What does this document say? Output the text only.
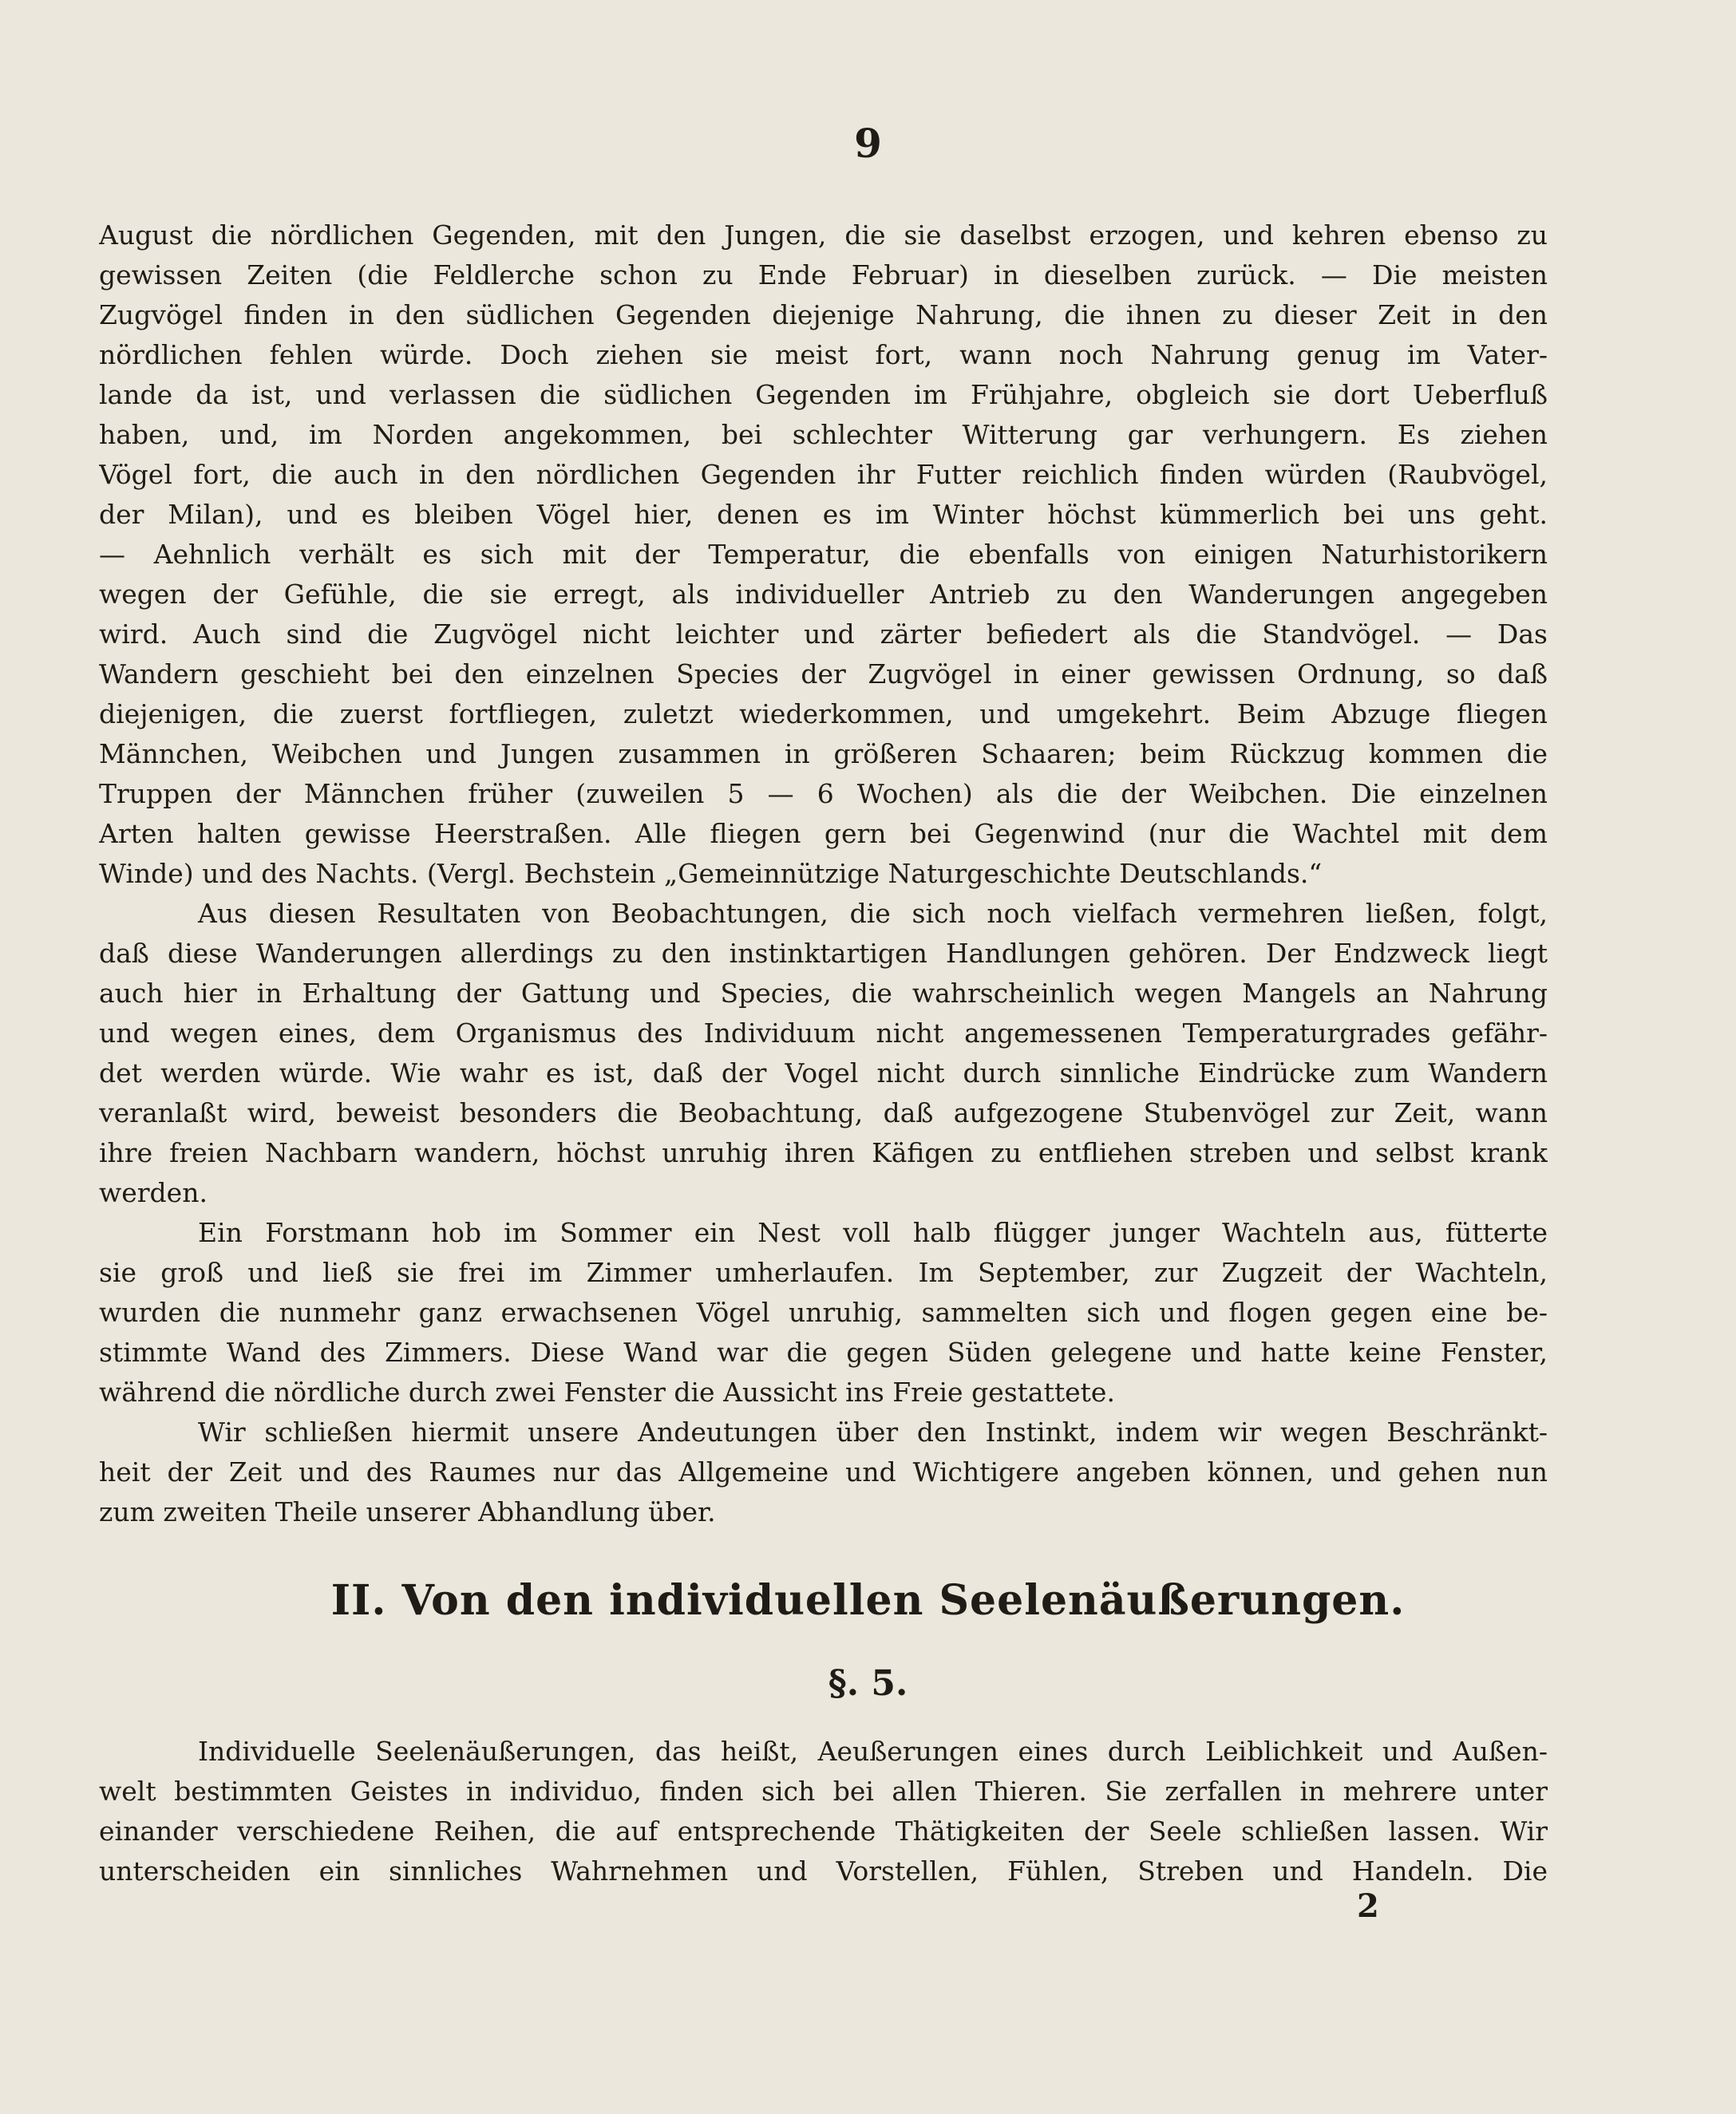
9
August die nördlichen Gegenden, mit den Jungen, die sie daselbst erzogen, und kehren ebenso zu
gewissen Zeiten (die Feldlerche schon zu Ende Februar) in dieselben zurück. — Die meisten
Zugvögel finden in den südlichen Gegenden diejenige Nahrung, die ihnen zu dieser Zeit in den
nördlichen fehlen würde. Doch ziehen sie meist fort, wann noch Nahrung genug im Vater-
lande da ist, und verlassen die südlichen Gegenden im Frühjahre, obgleich sie dort Ueberfluß
haben, und, im Norden angekommen, bei schlechter Witterung gar verhungern. Es ziehen
Vögel fort, die auch in den nördlichen Gegenden ihr Futter reichlich finden würden (Raubvögel,
der Milan), und es bleiben Vögel hier, denen es im Winter höchst kümmerlich bei uns geht.
— Aehnlich verhält es sich mit der Temperatur, die ebenfalls von einigen Naturhistorikern
wegen der Gefühle, die sie erregt, als individueller Antrieb zu den Wanderungen angegeben
wird. Auch sind die Zugvögel nicht leichter und zärter befiedert als die Standvögel. — Das
Wandern geschieht bei den einzelnen Species der Zugvögel in einer gewissen Ordnung, so daß
diejenigen, die zuerst fortfliegen, zuletzt wiederkommen, und umgekehrt. Beim Abzuge fliegen
Männchen, Weibchen und Jungen zusammen in größeren Schaaren; beim Rückzug kommen die
Truppen der Männchen früher (zuweilen 5 — 6 Wochen) als die der Weibchen. Die einzelnen
Arten halten gewisse Heerstraßen. Alle fliegen gern bei Gegenwind (nur die Wachtel mit dem
Winde) und des Nachts. (Vergl. Bechstein „Gemeinnützige Naturgeschichte Deutschlands.“
Aus diesen Resultaten von Beobachtungen, die sich noch vielfach vermehren ließen, folgt,
daß diese Wanderungen allerdings zu den instinktartigen Handlungen gehören. Der Endzweck liegt
auch hier in Erhaltung der Gattung und Species, die wahrscheinlich wegen Mangels an Nahrung
und wegen eines, dem Organismus des Individuum nicht angemessenen Temperaturgrades gefähr-
det werden würde. Wie wahr es ist, daß der Vogel nicht durch sinnliche Eindrücke zum Wandern
veranlaßt wird, beweist besonders die Beobachtung, daß aufgezogene Stubenvögel zur Zeit, wann
ihre freien Nachbarn wandern, höchst unruhig ihren Käfigen zu entfliehen streben und selbst krank
werden.
Ein Forstmann hob im Sommer ein Nest voll halb flügger junger Wachteln aus, fütterte
sie groß und ließ sie frei im Zimmer umherlaufen. Im September, zur Zugzeit der Wachteln,
wurden die nunmehr ganz erwachsenen Vögel unruhig, sammelten sich und flogen gegen eine be-
stimmte Wand des Zimmers. Diese Wand war die gegen Süden gelegene und hatte keine Fenster,
während die nördliche durch zwei Fenster die Aussicht ins Freie gestattete.
Wir schließen hiermit unsere Andeutungen über den Instinkt, indem wir wegen Beschränkt-
heit der Zeit und des Raumes nur das Allgemeine und Wichtigere angeben können, und gehen nun
zum zweiten Theile unserer Abhandlung über.
II. Von den individuellen Seelenäußerungen.
§. 5.
Individuelle Seelenäußerungen, das heißt, Aeußerungen eines durch Leiblichkeit und Außen-
welt bestimmten Geistes in individuo, finden sich bei allen Thieren. Sie zerfallen in mehrere unter
einander verschiedene Reihen, die auf entsprechende Thätigkeiten der Seele schließen lassen. Wir
unterscheiden ein sinnliches Wahrnehmen und Vorstellen, Fühlen, Streben und Handeln. Die
2
